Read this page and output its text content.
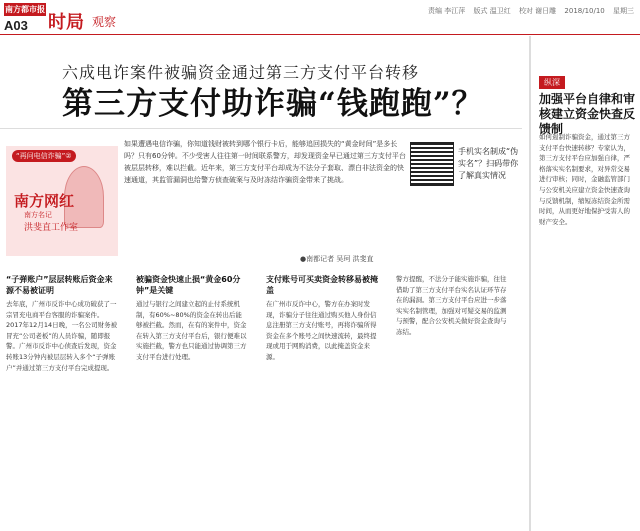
南方都市报
A03 时局 观察
责编 李江萍 版式 温卫红 校对 谢日雕 2018/10/10 星期三
六成电诈案件被骗资金通过第三方支付平台转移
第三方支付助诈骗“钱跑跑”？
“再问电信诈骗”②
南方网红
南方名记
洪斐直工作室
如果遭遇电信诈骗，你知道钱财被转到哪个银行卡后，能够追回损失的“黄金时间”是多长吗？只有60分钟。不少受害人往往第一时间联系警方，却发现资金早已通过第三方支付平台被层层转移，难以拦截。近年来，第三方支付平台却成为不法分子套取、漂白非法资金的快速通道，其监管漏洞也给警方侦查破案与及时冻结诈骗资金带来了挑战。
●南都记者 吴珂 洪斐直
手机实名制成“伪实名”？扫码带你了解真实情况
“子弹账户”层层转账后资金来源不易被证明
去年底，广州市反诈中心成功破获了一宗冒充电商平台客服的诈骗案件。2017年12月14日晚，一名公司财务被冒充“公司老板”的人员诈骗，随即报警。广州市反诈中心侦查后发现，资金转账13分钟内被层层转入多个“子弹账户”并通过第三方支付平台完成提现。
被骗资金快速止损“黄金60分钟”是关键
通过与银行之间建立起的止付系统机制，有60%~80%的资金在转出后能够被拦截。然而，在有的案件中，资金在转入第三方支付平台后，银行便难以实施拦截，警方也只能通过协调第三方支付平台进行处理。
支付账号可买卖资金转移易被掩盖
在广州市反诈中心，警方在办案时发现，诈骗分子往往通过购买他人身份信息注册第三方支付账号，再将诈骗所得资金在多个账号之间快速流转，最终提现或用于网购消费，以此掩盖资金来源。
警方提醒，不法分子能实施诈骗，往往借助了第三方支付平台实名认证环节存在的漏洞。第三方支付平台应进一步落实实名制管理，加强对可疑交易的监测与预警，配合公安机关做好资金查询与冻结。
纵深
加强平台自律和审核建立资金快查反馈制
如何遏制诈骗资金，通过第三方支付平台快速转移？专家认为，第三方支付平台应加强自律，严格落实实名制要求，对异常交易进行审核；同时，金融监管部门与公安机关应建立资金快速查询与反馈机制，缩短冻结资金所需时间，从而更好地保护受害人的财产安全。
